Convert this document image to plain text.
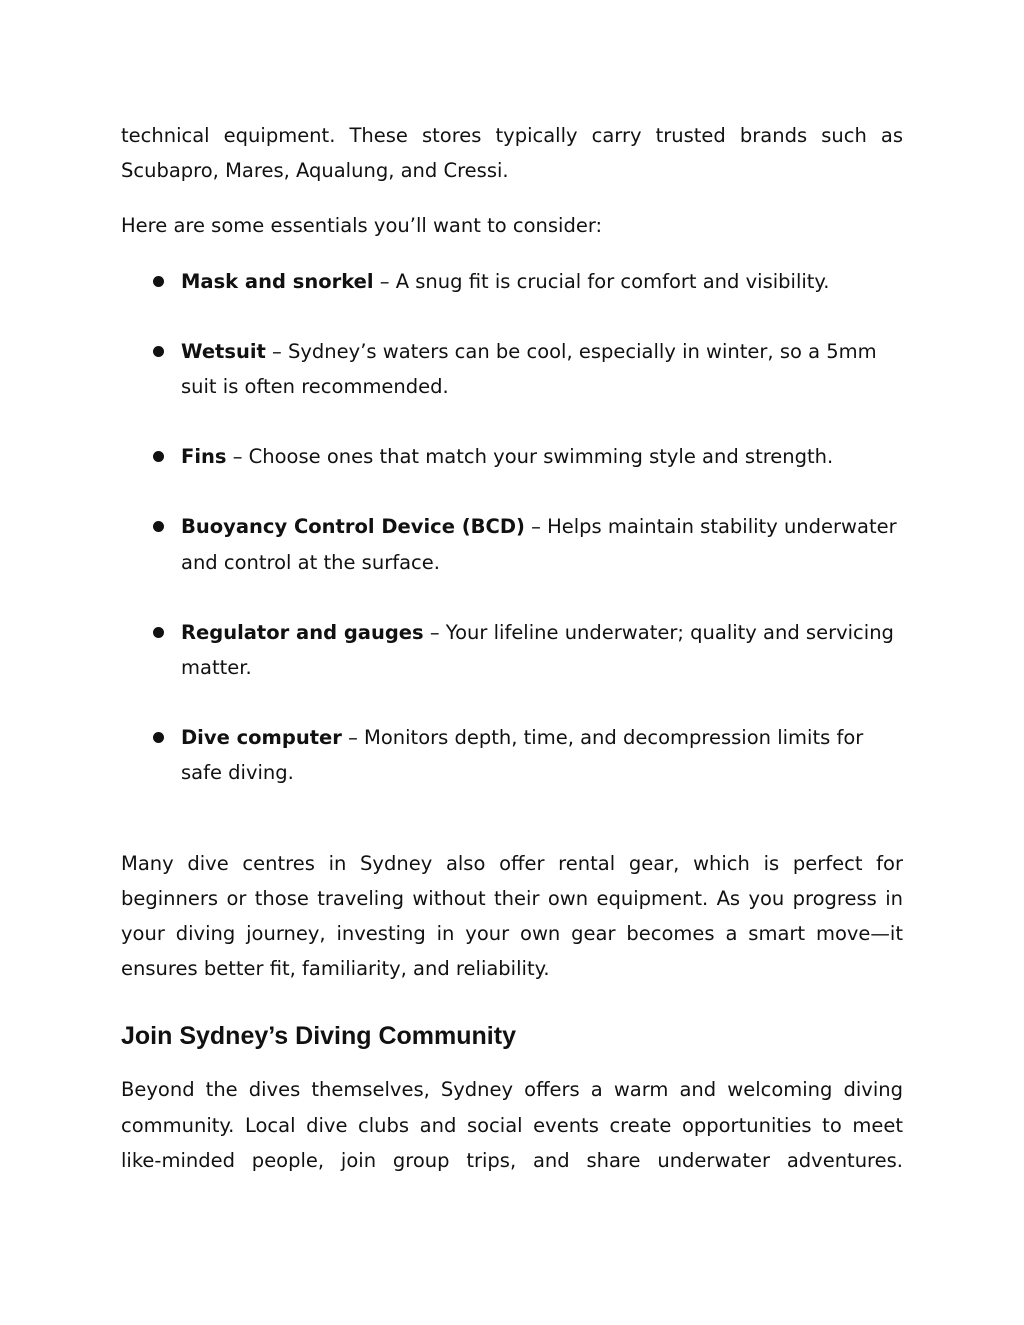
technical equipment. These stores typically carry trusted brands such as Scubapro, Mares, Aqualung, and Cressi.

Here are some essentials you’ll want to consider:

Mask and snorkel – A snug fit is crucial for comfort and visibility.
Wetsuit – Sydney’s waters can be cool, especially in winter, so a 5mm suit is often recommended.
Fins – Choose ones that match your swimming style and strength.
Buoyancy Control Device (BCD) – Helps maintain stability underwater and control at the surface.
Regulator and gauges – Your lifeline underwater; quality and servicing matter.
Dive computer – Monitors depth, time, and decompression limits for safe diving.

Many dive centres in Sydney also offer rental gear, which is perfect for beginners or those traveling without their own equipment. As you progress in your diving journey, investing in your own gear becomes a smart move—it ensures better fit, familiarity, and reliability.

Join Sydney’s Diving Community

Beyond the dives themselves, Sydney offers a warm and welcoming diving community. Local dive clubs and social events create opportunities to meet like-minded people, join group trips, and share underwater adventures.
